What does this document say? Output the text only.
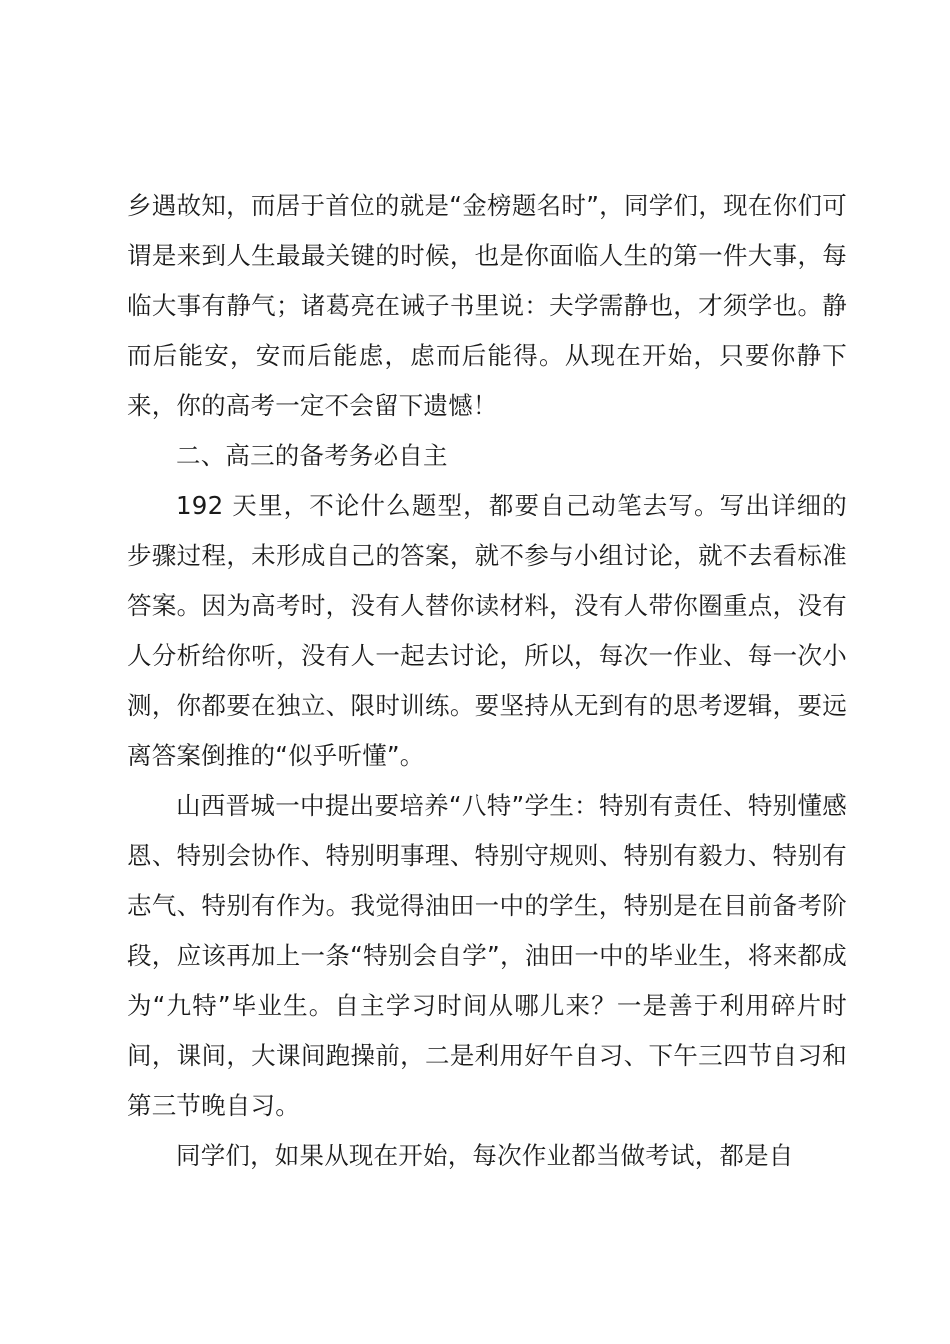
乡遇故知，而居于首位的就是“金榜题名时”，同学们，现在你们可谓是来到人生最最关键的时候，也是你面临人生的第一件大事，每临大事有静气；诸葛亮在诫子书里说：夫学需静也，才须学也。静而后能安，安而后能虑，虑而后能得。从现在开始，只要你静下来，你的高考一定不会留下遗憾！

二、高三的备考务必自主

192 天里，不论什么题型，都要自己动笔去写。写出详细的步骤过程，未形成自己的答案，就不参与小组讨论，就不去看标准答案。因为高考时，没有人替你读材料，没有人带你圈重点，没有人分析给你听，没有人一起去讨论，所以，每次一作业、每一次小测，你都要在独立、限时训练。要坚持从无到有的思考逻辑，要远离答案倒推的“似乎听懂”。

山西晋城一中提出要培养“八特”学生：特别有责任、特别懂感恩、特别会协作、特别明事理、特别守规则、特别有毅力、特别有志气、特别有作为。我觉得油田一中的学生，特别是在目前备考阶段，应该再加上一条“特别会自学”，油田一中的毕业生，将来都成为“九特”毕业生。自主学习时间从哪儿来？一是善于利用碎片时间，课间，大课间跑操前，二是利用好午自习、下午三四节自习和第三节晚自习。

同学们，如果从现在开始，每次作业都当做考试，都是自
